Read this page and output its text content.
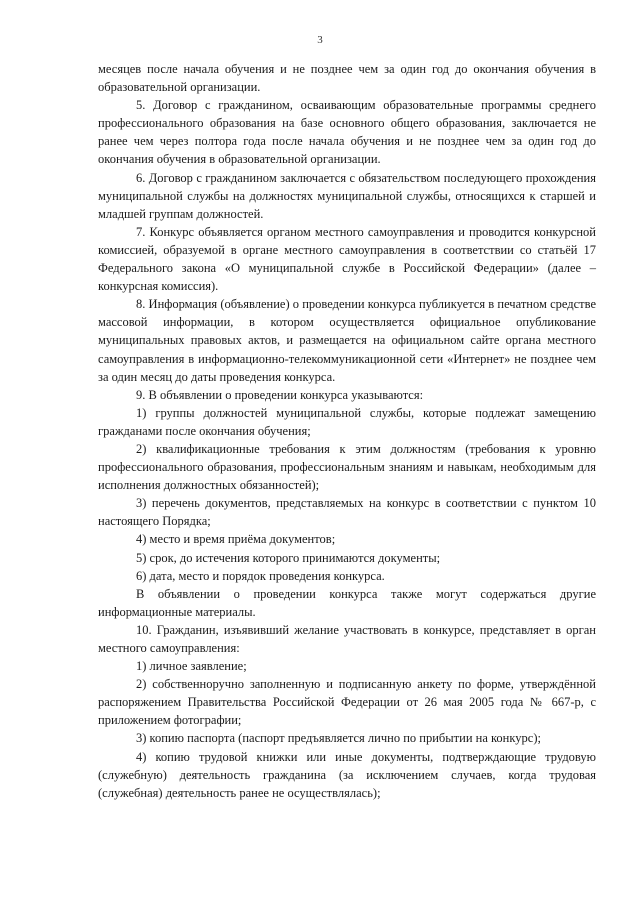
3

месяцев после начала обучения и не позднее чем за один год до окончания обучения в образовательной организации.

5. Договор с гражданином, осваивающим образовательные программы среднего профессионального образования на базе основного общего образования, заключается не ранее чем через полтора года после начала обучения и не позднее чем за один год до окончания обучения в образовательной организации.

6. Договор с гражданином заключается с обязательством последующего прохождения муниципальной службы на должностях муниципальной службы, относящихся к старшей и младшей группам должностей.

7. Конкурс объявляется органом местного самоуправления и проводится конкурсной комиссией, образуемой в органе местного самоуправления в соответствии со статьёй 17 Федерального закона «О муниципальной службе в Российской Федерации» (далее – конкурсная комиссия).

8. Информация (объявление) о проведении конкурса публикуется в печатном средстве массовой информации, в котором осуществляется официальное опубликование муниципальных правовых актов, и размещается на официальном сайте органа местного самоуправления в информационно-телекоммуникационной сети «Интернет» не позднее чем за один месяц до даты проведения конкурса.

9. В объявлении о проведении конкурса указываются:

1) группы должностей муниципальной службы, которые подлежат замещению гражданами после окончания обучения;

2) квалификационные требования к этим должностям (требования к уровню профессионального образования, профессиональным знаниям и навыкам, необходимым для исполнения должностных обязанностей);

3) перечень документов, представляемых на конкурс в соответствии с пунктом 10 настоящего Порядка;

4) место и время приёма документов;

5) срок, до истечения которого принимаются документы;

6) дата, место и порядок проведения конкурса.

В объявлении о проведении конкурса также могут содержаться другие информационные материалы.

10. Гражданин, изъявивший желание участвовать в конкурсе, представляет в орган местного самоуправления:

1) личное заявление;

2) собственноручно заполненную и подписанную анкету по форме, утверждённой распоряжением Правительства Российской Федерации от 26 мая 2005 года № 667-р, с приложением фотографии;

3) копию паспорта (паспорт предъявляется лично по прибытии на конкурс);

4) копию трудовой книжки или иные документы, подтверждающие трудовую (служебную) деятельность гражданина (за исключением случаев, когда трудовая (служебная) деятельность ранее не осуществлялась);
